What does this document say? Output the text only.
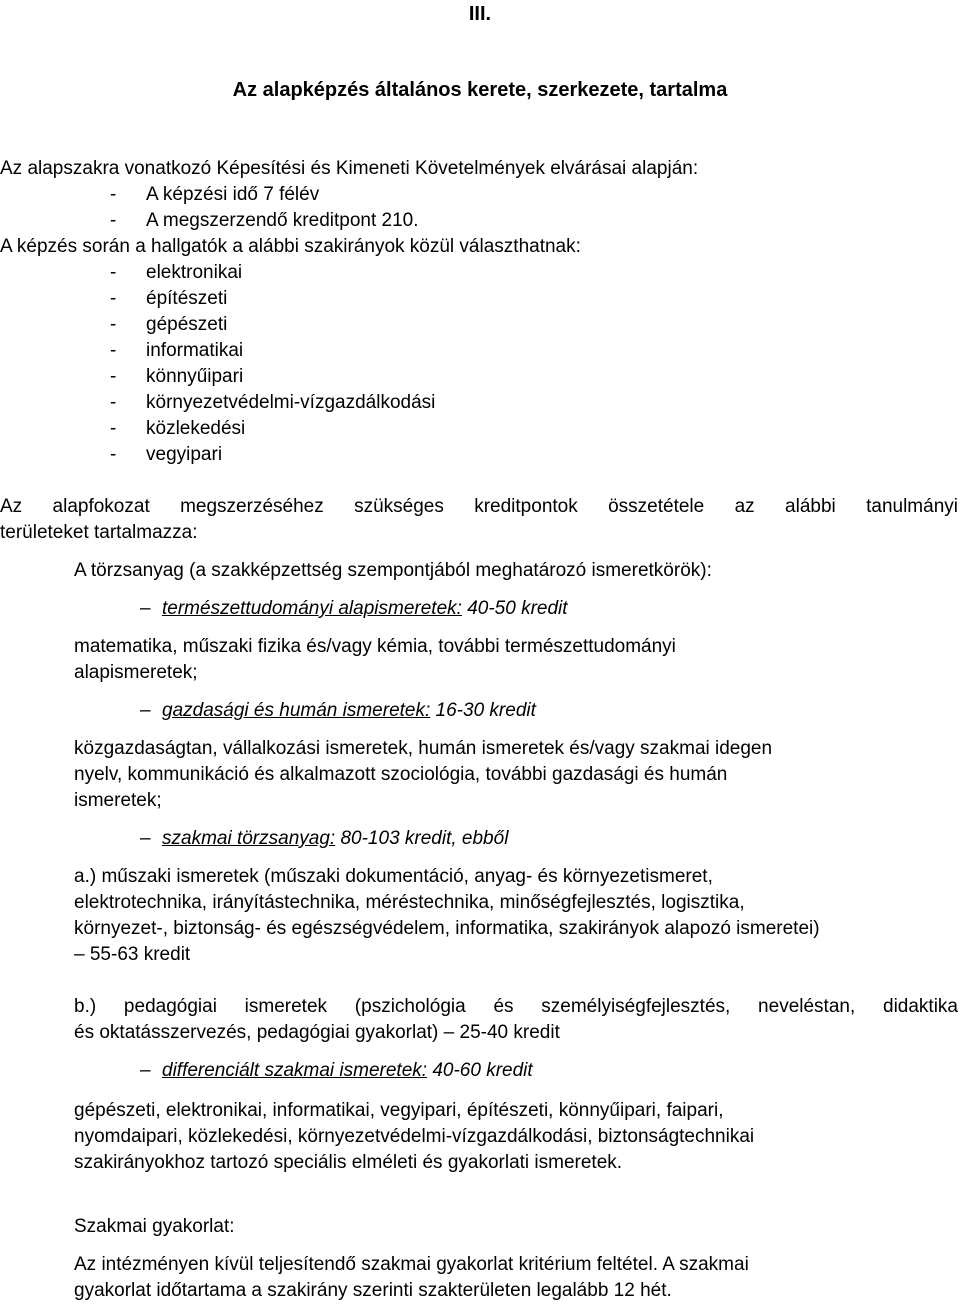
III.
Az alapképzés általános kerete, szerkezete, tartalma
Az alapszakra vonatkozó Képesítési és Kimeneti Követelmények elvárásai alapján:
- A képzési idő 7 félév
- A megszerzendő kreditpont 210.
A képzés során a hallgatók a alábbi szakirányok közül választhatnak:
- elektronikai
- építészeti
- gépészeti
- informatikai
- könnyűipari
- környezetvédelmi-vízgazdálkodási
- közlekedési
- vegyipari
Az alapfokozat megszerzéséhez szükséges kreditpontok összetétele az alábbi tanulmányi
területeket tartalmazza:
A törzsanyag (a szakképzettség szempontjából meghatározó ismeretkörök):
– természettudományi alapismeretek: 40-50 kredit
matematika, műszaki fizika és/vagy kémia, további természettudományi
alapismeretek;
– gazdasági és humán ismeretek: 16-30 kredit
közgazdaságtan, vállalkozási ismeretek, humán ismeretek és/vagy szakmai idegen
nyelv, kommunikáció és alkalmazott szociológia, további gazdasági és humán
ismeretek;
– szakmai törzsanyag: 80-103 kredit, ebből
a.) műszaki ismeretek (műszaki dokumentáció, anyag- és környezetismeret,
elektrotechnika, irányítástechnika, méréstechnika, minőségfejlesztés, logisztika,
környezet-, biztonság- és egészségvédelem, informatika, szakirányok alapozó ismeretei)
– 55-63 kredit
b.) pedagógiai ismeretek (pszichológia és személyiségfejlesztés, neveléstan, didaktika
és oktatásszervezés, pedagógiai gyakorlat) – 25-40 kredit
– differenciált szakmai ismeretek: 40-60 kredit
gépészeti, elektronikai, informatikai, vegyipari, építészeti, könnyűipari, faipari,
nyomdaipari, közlekedési, környezetvédelmi-vízgazdálkodási, biztonságtechnikai
szakirányokhoz tartozó speciális elméleti és gyakorlati ismeretek.
Szakmai gyakorlat:
Az intézményen kívül teljesítendő szakmai gyakorlat kritérium feltétel. A szakmai
gyakorlat időtartama a szakirány szerinti szakterületen legalább 12 hét.
